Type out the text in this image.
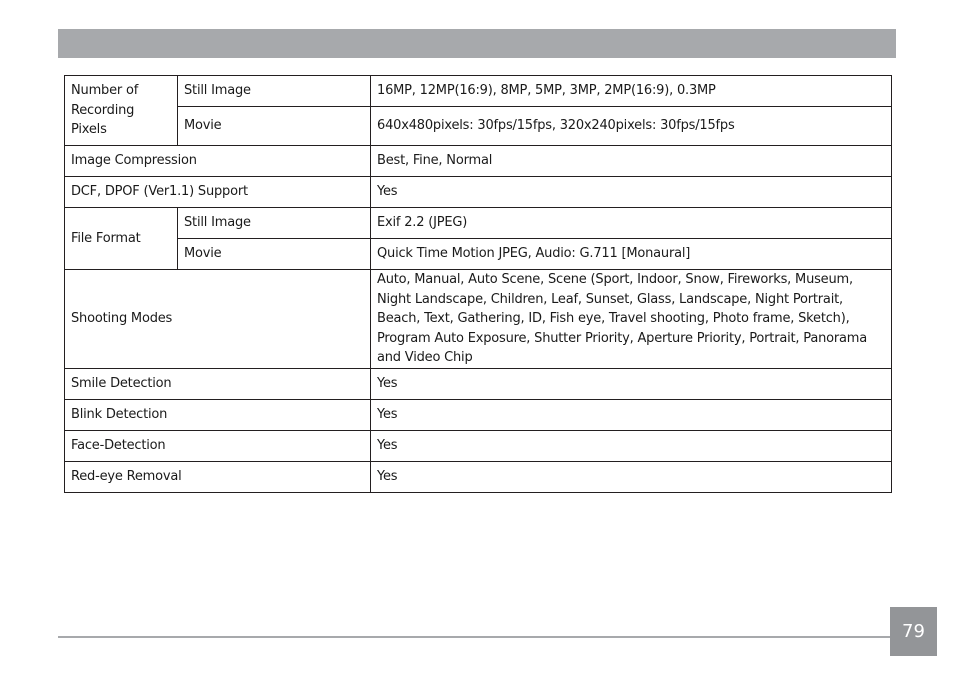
Number of Recording Pixels	Still Image	16MP, 12MP(16:9), 8MP, 5MP, 3MP, 2MP(16:9), 0.3MP
	Movie	640x480pixels: 30fps/15fps, 320x240pixels: 30fps/15fps
Image Compression		Best, Fine, Normal
DCF, DPOF (Ver1.1) Support		Yes
File Format	Still Image	Exif 2.2 (JPEG)
	Movie	Quick Time Motion JPEG, Audio: G.711 [Monaural]
Shooting Modes		Auto, Manual, Auto Scene, Scene (Sport, Indoor, Snow, Fireworks, Museum, Night Landscape, Children, Leaf, Sunset, Glass, Landscape, Night Portrait, Beach, Text, Gathering, ID, Fish eye, Travel shooting, Photo frame, Sketch), Program Auto Exposure, Shutter Priority, Aperture Priority, Portrait, Panorama and Video Chip
Smile Detection		Yes
Blink Detection		Yes
Face-Detection		Yes
Red-eye Removal		Yes
79
